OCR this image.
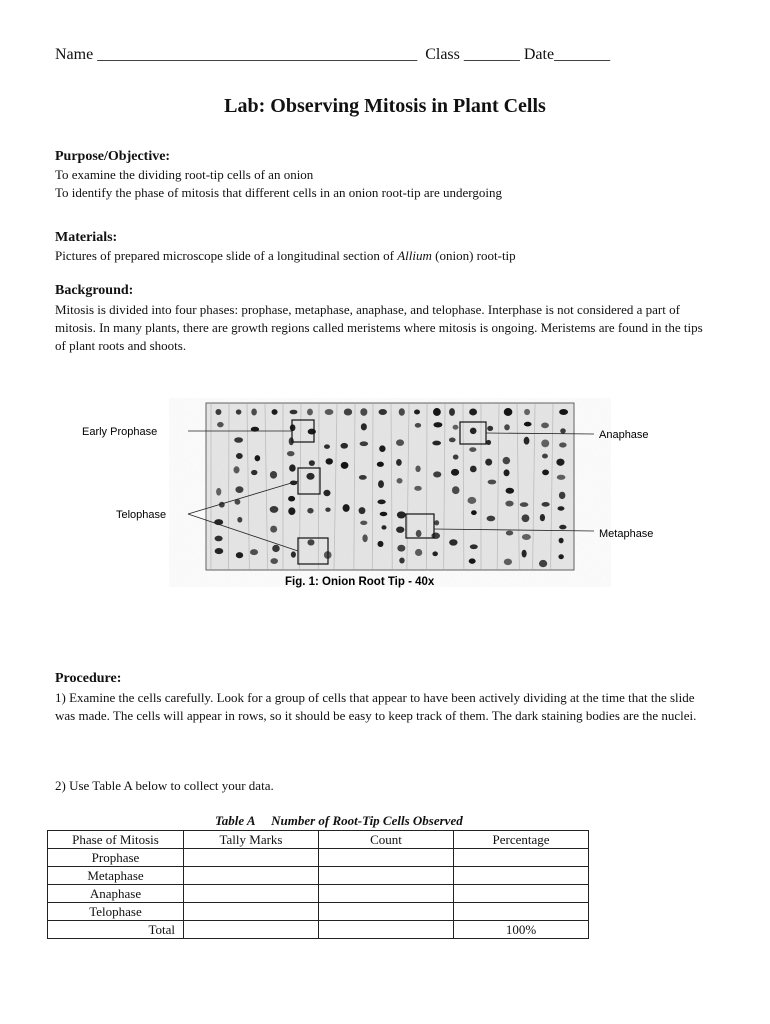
Name ________________________________________ Class _______ Date_______
Lab: Observing Mitosis in Plant Cells
Purpose/Objective:
To examine the dividing root-tip cells of an onion
To identify the phase of mitosis that different cells in an onion root-tip are undergoing
Materials:
Pictures of prepared microscope slide of a longitudinal section of Allium (onion) root-tip
Background:
Mitosis is divided into four phases: prophase, metaphase, anaphase, and telophase. Interphase is not considered a part of mitosis. In many plants, there are growth regions called meristems where mitosis is ongoing. Meristems are found in the tips of plant roots and shoots.
Early Prophase
Telophase
Anaphase
Metaphase
Fig. 1: Onion Root Tip - 40x
Procedure:
1) Examine the cells carefully. Look for a group of cells that appear to have been actively dividing at the time that the slide was made. The cells will appear in rows, so it should be easy to keep track of them. The dark staining bodies are the nuclei.
2) Use Table A below to collect your data.
Table A Number of Root-Tip Cells Observed
Phase of Mitosis	Tally Marks	Count	Percentage
Prophase			
Metaphase			
Anaphase			
Telophase			
Total			100%
